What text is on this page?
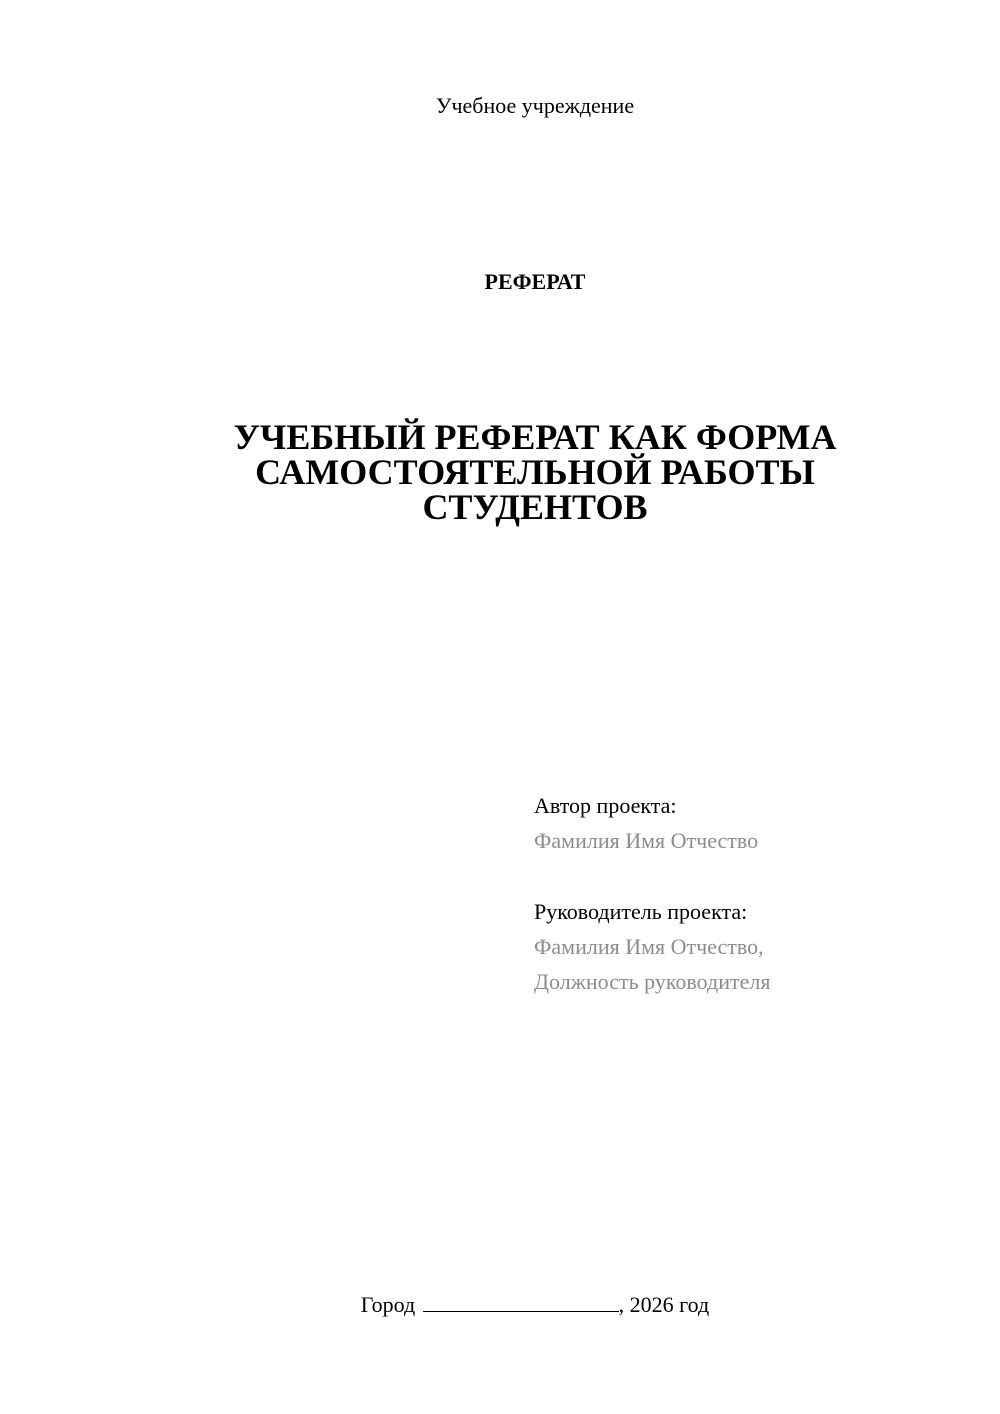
Учебное учреждение
РЕФЕРАТ
УЧЕБНЫЙ РЕФЕРАТ КАК ФОРМА
САМОСТОЯТЕЛЬНОЙ РАБОТЫ
СТУДЕНТОВ
Автор проекта:
Фамилия Имя Отчество
Руководитель проекта:
Фамилия Имя Отчество,
Должность руководителя
Город	, 2026 год
